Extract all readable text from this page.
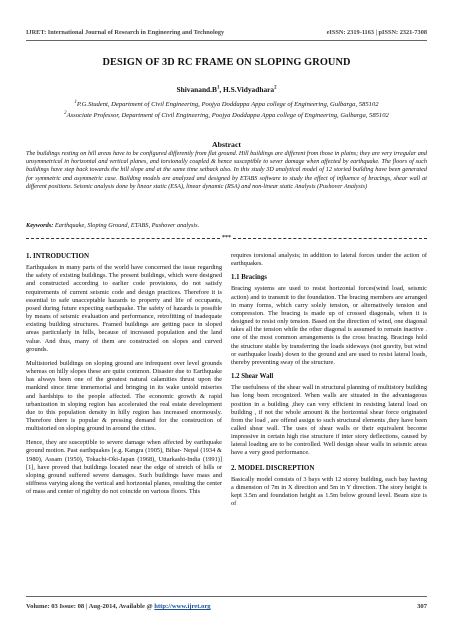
IJRET: International Journal of Research in Engineering and Technology	eISSN: 2319-1163 | pISSN: 2321-7308
DESIGN OF 3D RC FRAME ON SLOPING GROUND
$Shivanand.B^1$, H.S.Vidyadhara$^2$
$^1$P.G.Student, Department of Civil Engineering, Poojya Doddappa Appa college of Engineering, Gulbarga, 585102
$^2$Associate Professor, Department of Civil Engineering, Poojya Doddappa Appa college of Engineering, Gulbarga, 585102
Abstract
The buildings resting on hill areas have to be configured differently from flat ground. Hill buildings are different from those in plains; they are very irregular and unsymmetrical in horizontal and vertical planes, and torsionally coupled & hence susceptible to sever damage when affected by earthquake. The floors of such buildings have step back towards the hill slope and at the same time setback also. In this study 3D analytical model of 12 storied building have been generated for symmetric and asymmetric case. Building models are analyzed and designed by ETABS software to study the effect of influence of bracings, shear wall at different positions. Seismic analysis done by linear static (ESA), linear dynamic (RSA) and non-linear static Analysis (Pushover Analysis)
Keywords: Earthquake, Sloping Ground, ETABS, Pushover analysis.
***
1. INTRODUCTION

Earthquakes in many parts of the world have concerned the issue regarding the safety of existing buildings. The present buildings, which were designed and constructed according to earlier code provisions, do not satisfy requirements of current seismic code and design practices. Therefore it is essential to safe unacceptable hazards to property and life of occupants, posed during future expecting earthquake. The safety of hazards is possible by means of seismic evaluation and performance, retrofitting of inadequate existing building structures. Framed buildings are getting pace in sloped areas particularly in hills, because of increased population and the land value. And thus, many of them are constructed on slopes and curved grounds.

Multistoried buildings on sloping ground are infrequent over level grounds whereas on hilly slopes these are quite common. Disaster due to Earthquake has always been one of the greatest natural calamities thrust upon the mankind since time immemorial and bringing in its wake untold miseries and hardships to the people affected. The economic growth & rapid urbanization in sloping region has accelerated the real estate development due to this population density in hilly region has increased enormously. Therefore there is popular & pressing demand for the construction of multistoried on sloping ground in around the cities.

Hence, they are susceptible to severe damage when affected by earthquake ground motion. Past earthquakes [e.g. Kangra (1905), Bihar- Nepal (1934 & 1980), Assam (1950), Tokachi-Oki-Japan (1968), Uttarkashi-India (1991)][1], have proved that buildings located near the edge of stretch of hills or sloping ground suffered severe damages. Such buildings have mass and stiffness varying along the vertical and horizontal planes, resulting the center of mass and center of rigidity do not coincide on various floors. This

requires torsional analysis; in addition to lateral forces under the action of earthquakes.

1.1 Bracings

Bracing systems are used to resist horizontal forces(wind load, seismic action) and to transmit to the foundation. The bracing members are arranged in many forms, which carry solely tension, or alternatively tension and compression. The bracing is made up of crossed diagonals, when it is designed to resist only tension. Based on the direction of wind, one diagonal takes all the tension while the other diagonal is assumed to remain inactive . one of the most common arrangements is the cross bracing. Bracings hold the structure stable by transferring the loads sideways (not gravity, but wind or earthquake loads) down to the ground and are used to resist lateral loads, thereby preventing sway of the structure.

1.2 Shear Wall

The usefulness of the shear wall in structural planning of multistory building has long been recognized. When walls are situated in the advantageous position in a building ,they can very efficient in resisting lateral load on building , if not the whole amount & the horizontal shear force originated from the load , are offend assign to such structural elements ,they have been called shear wall. The uses of shear walls or their equivalent become impressive in certain high rise structure if inter story deflections, caused by lateral loading are to be controlled. Well design shear walls in seismic areas have a very good performance.

2. MODEL DISCREPTION

Basically model consists of 3 bays with 12 storey building, each bay having a dimension of 7m in X direction and 5m in Y direction. The story height is kept 3.5m and foundation height as 1.5m below ground level. Beam size is of

Volume: 03 Issue: 08 | Aug-2014, Available @ http://www.ijret.org	307
